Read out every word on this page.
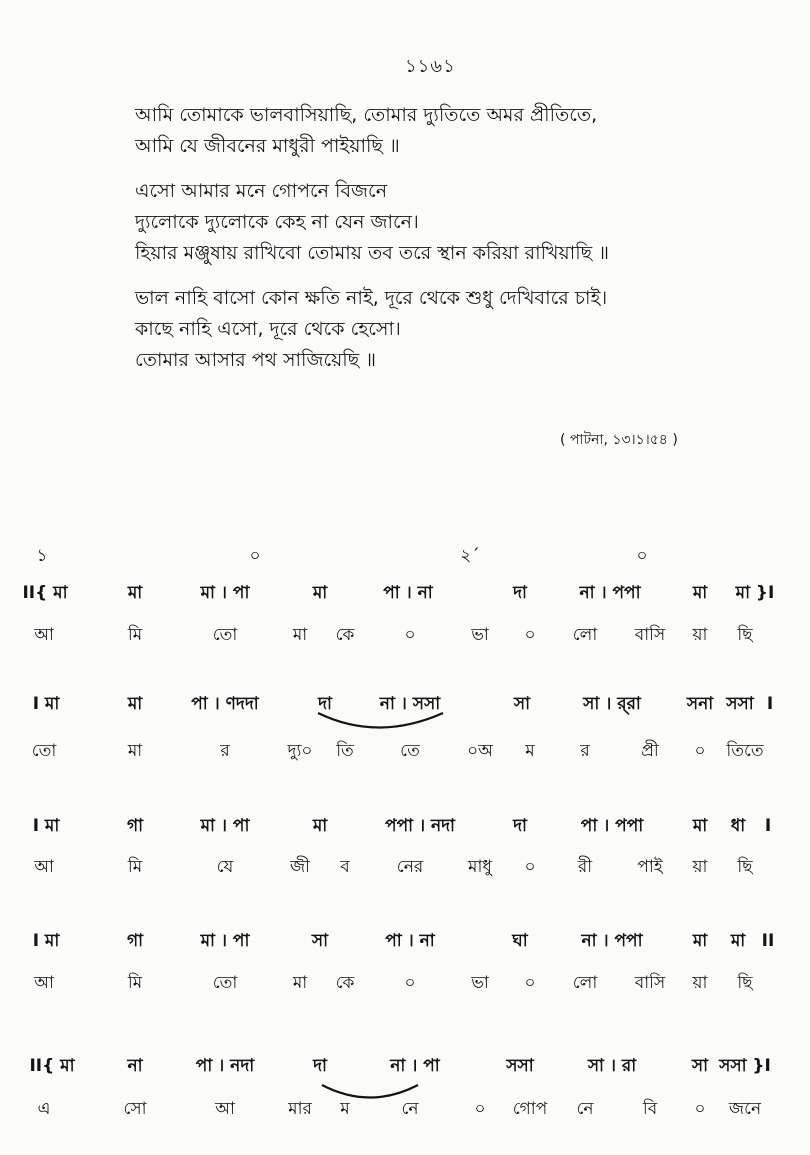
১১৬১
আমি তোমাকে ভালবাসিয়াছি, তোমার দ্যুতিতে অমর প্রীতিতে,
আমি যে জীবনের মাধুরী পাইয়াছি ॥
এসো আমার মনে গোপনে বিজনে
দ্যুলোকে দ্যুলোকে কেহ না যেন জানে।
হিয়ার মঞ্জুষায় রাখিবো তোমায় তব তরে স্থান করিয়া রাখিয়াছি ॥
ভাল নাহি বাসো কোন ক্ষতি নাই, দূরে থেকে শুধু দেখিবারে চাই।
কাছে নাহি এসো, দূরে থেকে হেসো।
তোমার আসার পথ সাজিয়েছি ॥
( পাটনা, ১৩।১।৫৪ )
১	০	২´	০
II{ মা	মা	মা । পা	মা	পা । না	দা	না । পপা	মা মা }I
আ	মি	তো	মা কে	০	ভা ০ লো বাসি য়া ছি
I মা	মা	পা । ণদদা	দা	না । সসা	সা	সা । র্‌রা	সনা সসা I
তো	মা	র	দ্যু০ তি	তে	০অ ম	র	প্রী ০ তিতে
I মা	গা	মা । পা	মা	পপা । নদা	দা	পা । পপা	মা ধা I
আ	মি	যে	জী ব	নের	মাধু ০ রী	পাই য়া ছি
I মা	গা	মা । পা	সা	পা । না	ঘা	না । পপা	মা মা II
আ	মি	তো	মা কে	০	ভা ০ লো বাসি য়া ছি
II{ মা	না	পা । নদা	দা	না । পা	সসা	সা । রা	সা সসা }I
এ	সো	আ	মার ম	নে	০ গোপ নে	বি ০ জনে
